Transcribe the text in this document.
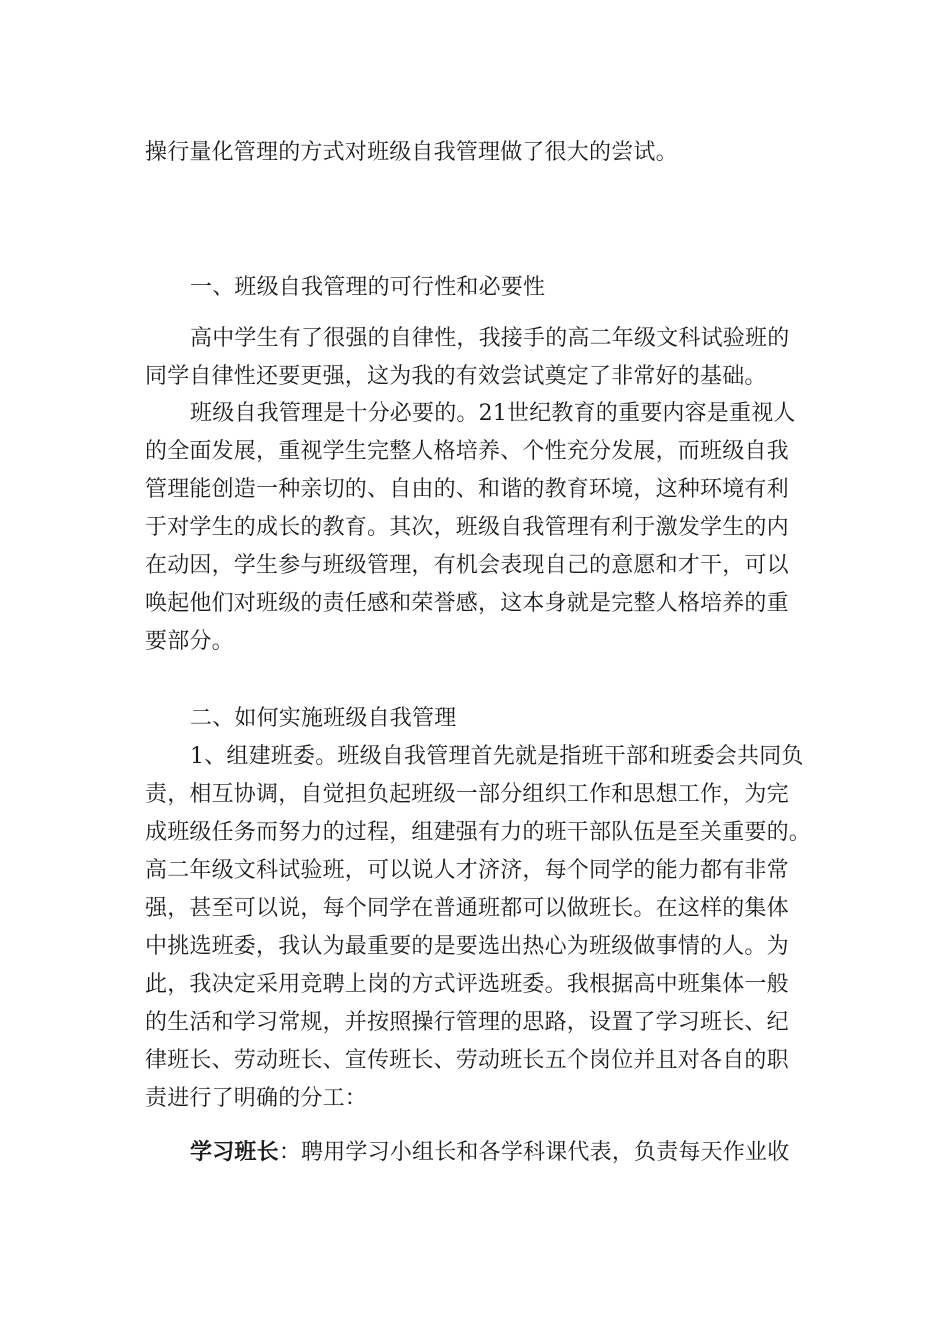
操行量化管理的方式对班级自我管理做了很大的尝试。
一、班级自我管理的可行性和必要性
高中学生有了很强的自律性，我接手的高二年级文科试验班的
同学自律性还要更强，这为我的有效尝试奠定了非常好的基础。
班级自我管理是十分必要的。21世纪教育的重要内容是重视人
的全面发展，重视学生完整人格培养、个性充分发展，而班级自我
管理能创造一种亲切的、自由的、和谐的教育环境，这种环境有利
于对学生的成长的教育。其次，班级自我管理有利于激发学生的内
在动因，学生参与班级管理，有机会表现自己的意愿和才干，可以
唤起他们对班级的责任感和荣誉感，这本身就是完整人格培养的重
要部分。
二、如何实施班级自我管理
1、组建班委。班级自我管理首先就是指班干部和班委会共同负
责，相互协调，自觉担负起班级一部分组织工作和思想工作，为完
成班级任务而努力的过程，组建强有力的班干部队伍是至关重要的。
高二年级文科试验班，可以说人才济济，每个同学的能力都有非常
强，甚至可以说，每个同学在普通班都可以做班长。在这样的集体
中挑选班委，我认为最重要的是要选出热心为班级做事情的人。为
此，我决定采用竞聘上岗的方式评选班委。我根据高中班集体一般
的生活和学习常规，并按照操行管理的思路，设置了学习班长、纪
律班长、劳动班长、宣传班长、劳动班长五个岗位并且对各自的职
责进行了明确的分工：
学习班长：聘用学习小组长和各学科课代表，负责每天作业收
